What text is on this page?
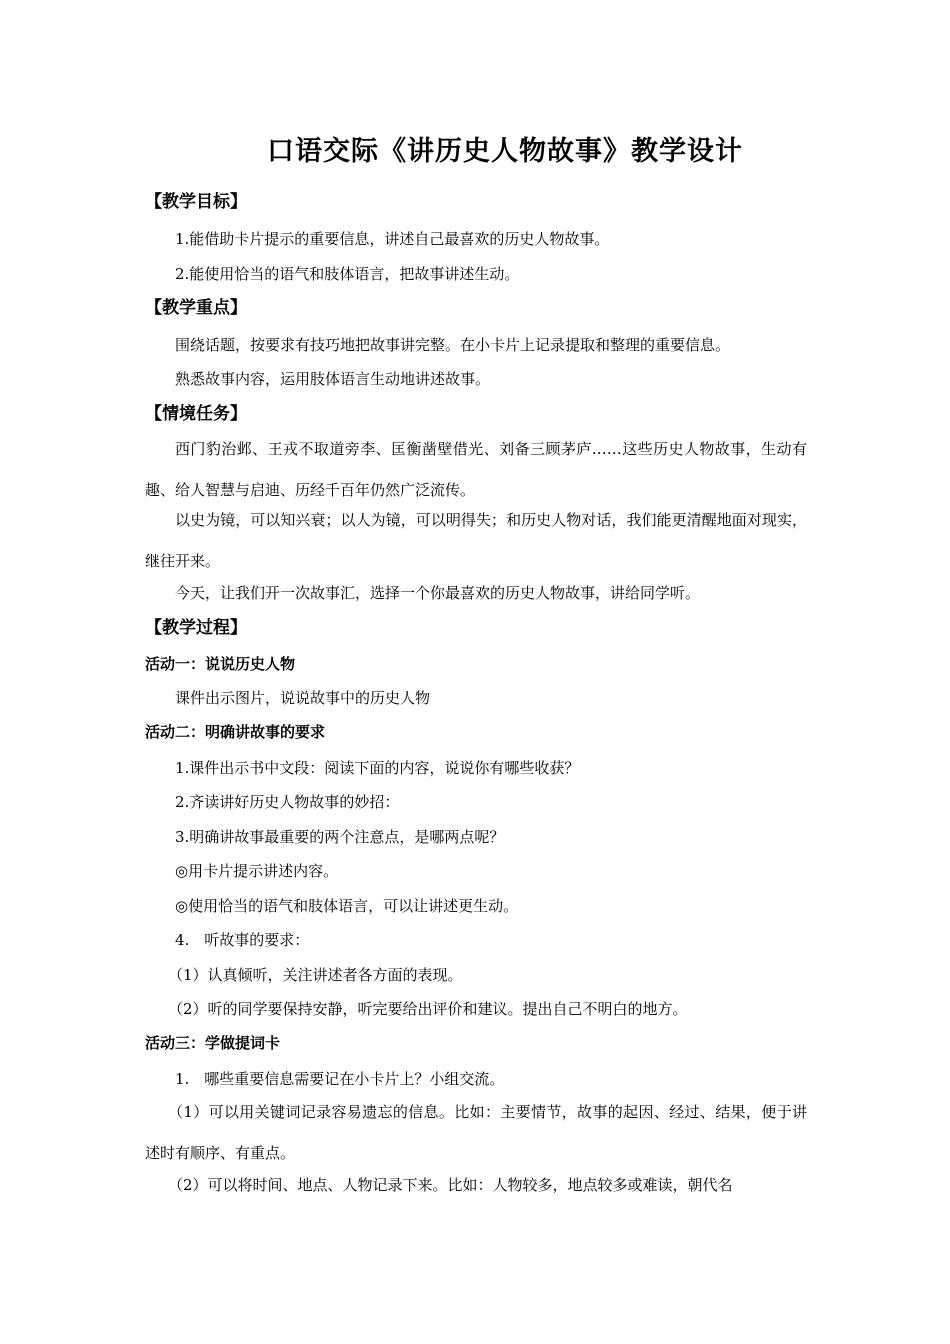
口语交际《讲历史人物故事》教学设计
【教学目标】
1.能借助卡片提示的重要信息，讲述自己最喜欢的历史人物故事。
2.能使用恰当的语气和肢体语言，把故事讲述生动。
【教学重点】
围绕话题，按要求有技巧地把故事讲完整。在小卡片上记录提取和整理的重要信息。
熟悉故事内容，运用肢体语言生动地讲述故事。
【情境任务】
西门豹治邺、王戎不取道旁李、匡衡凿壁借光、刘备三顾茅庐……这些历史人物故事，生动有趣、给人智慧与启迪、历经千百年仍然广泛流传。
以史为镜，可以知兴衰；以人为镜，可以明得失；和历史人物对话，我们能更清醒地面对现实，继往开来。
今天，让我们开一次故事汇，选择一个你最喜欢的历史人物故事，讲给同学听。
【教学过程】
活动一：说说历史人物
课件出示图片，说说故事中的历史人物
活动二：明确讲故事的要求
1.课件出示书中文段：阅读下面的内容，说说你有哪些收获？
2.齐读讲好历史人物故事的妙招：
3.明确讲故事最重要的两个注意点，是哪两点呢？
◎用卡片提示讲述内容。
◎使用恰当的语气和肢体语言，可以让讲述更生动。
4.　听故事的要求：
（1）认真倾听，关注讲述者各方面的表现。
（2）听的同学要保持安静，听完要给出评价和建议。提出自己不明白的地方。
活动三：学做提词卡
1.　哪些重要信息需要记在小卡片上？小组交流。
（1）可以用关键词记录容易遗忘的信息。比如：主要情节，故事的起因、经过、结果，便于讲述时有顺序、有重点。
（2）可以将时间、地点、人物记录下来。比如：人物较多，地点较多或难读，朝代名
